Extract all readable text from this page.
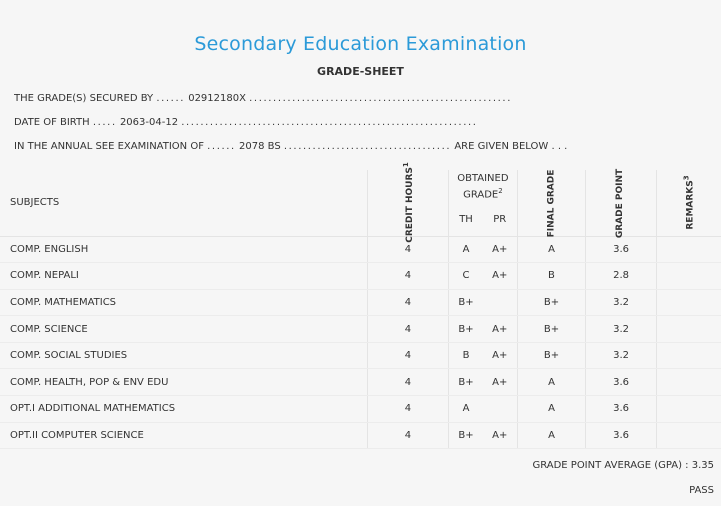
Secondary Education Examination
GRADE-SHEET
THE GRADE(S) SECURED BY ...... 02912180X .......................................................
DATE OF BIRTH ..... 2063-04-12 ..............................................................
IN THE ANNUAL SEE EXAMINATION OF ...... 2078 BS ................................... ARE GIVEN BELOW . . .
SUBJECTS	CREDIT HOURS$^1$	OBTAINED GRADE$^2$		FINAL GRADE	GRADE POINT	REMARKS$^3$
		TH	PR			
COMP. ENGLISH	4	A	A+	A	3.6	
COMP. NEPALI	4	C	A+	B	2.8	
COMP. MATHEMATICS	4	B+		B+	3.2	
COMP. SCIENCE	4	B+	A+	B+	3.2	
COMP. SOCIAL STUDIES	4	B	A+	B+	3.2	
COMP. HEALTH, POP & ENV EDU	4	B+	A+	A	3.6	
OPT.I ADDITIONAL MATHEMATICS	4	A		A	3.6	
OPT.II COMPUTER SCIENCE	4	B+	A+	A	3.6	
GRADE POINT AVERAGE (GPA) : 3.35
PASS
